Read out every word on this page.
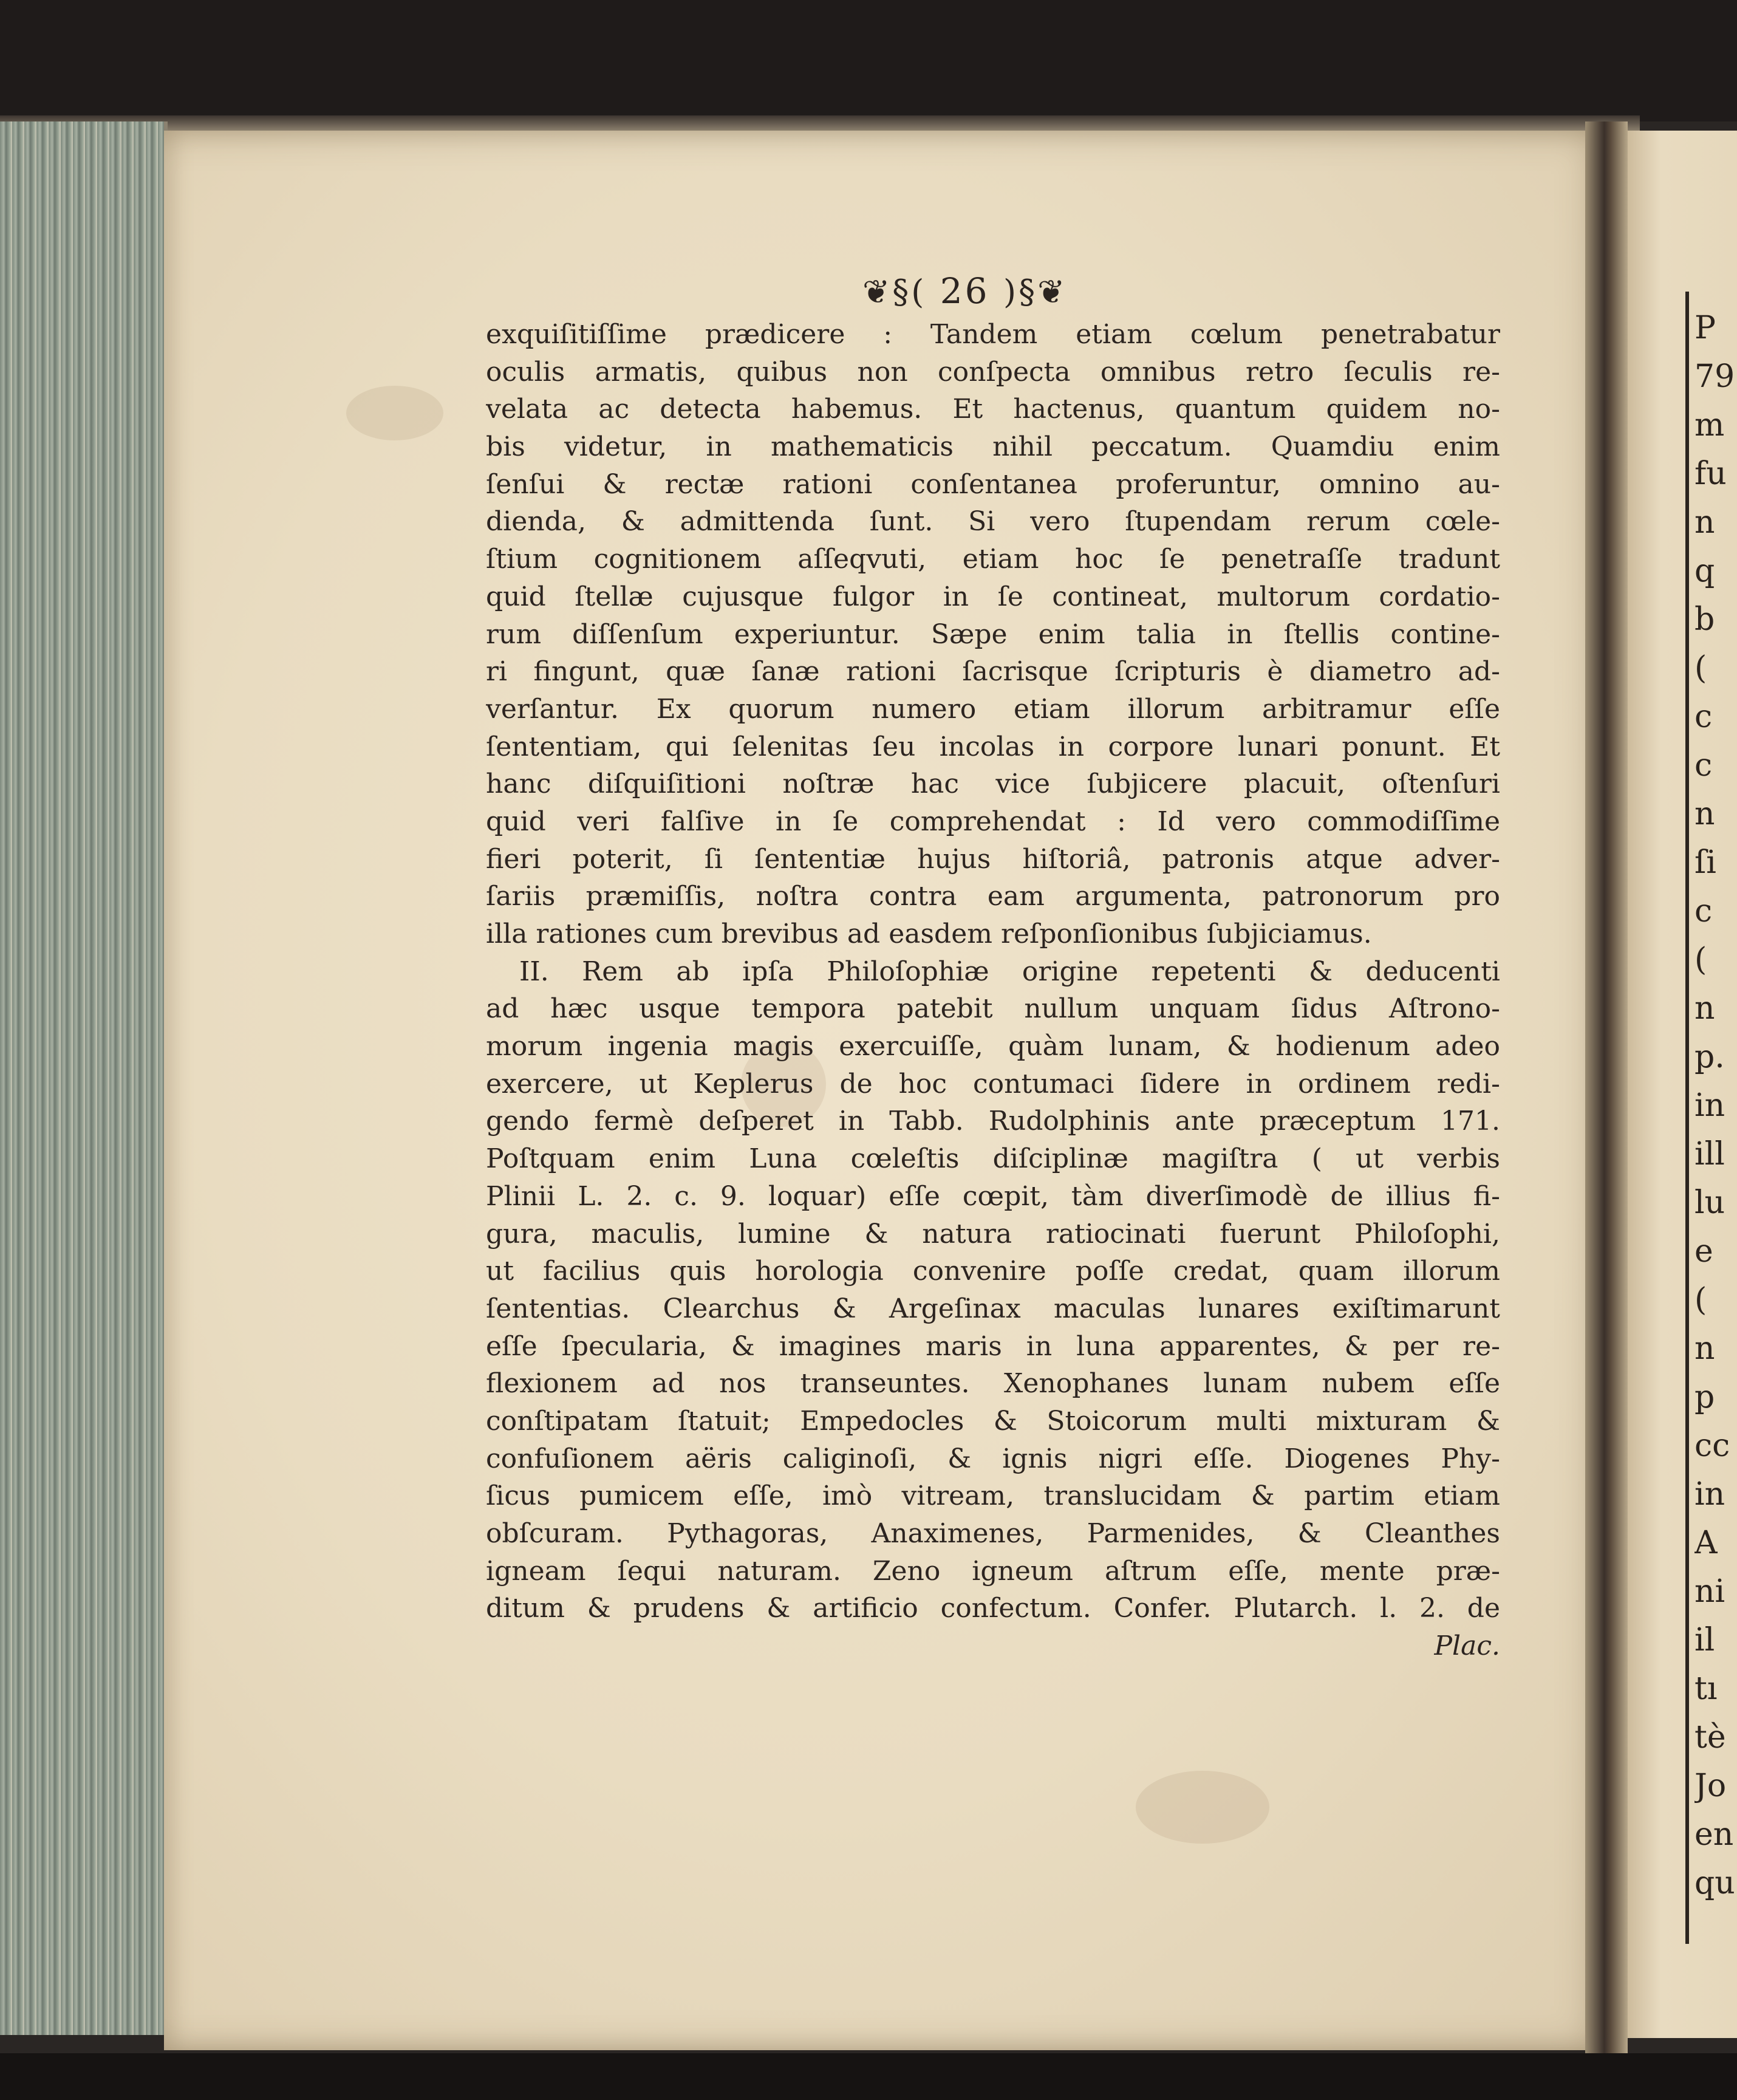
P
79
m
fu
n
q
b
(
c
c
n
ſi
c
(
n
p.
in
ill
lu
e
(
n
p
cc
in
A
ni
il
tı
tè
Jo
en
qu
❦§( 26 )§❦
exquiſitiſſime prædicere : Tandem etiam cœlum penetrabatur
oculis armatis, quibus non conſpecta omnibus retro ſeculis re-
velata ac detecta habemus. Et hactenus, quantum quidem no-
bis videtur, in mathematicis nihil peccatum. Quamdiu enim
ſenſui & rectæ rationi conſentanea proferuntur, omnino au-
dienda, & admittenda ſunt. Si vero ſtupendam rerum cœle-
ſtium cognitionem aſſeqvuti, etiam hoc ſe penetraſſe tradunt
quid ſtellæ cujusque fulgor in ſe contineat, multorum cordatio-
rum diſſenſum experiuntur. Sæpe enim talia in ſtellis contine-
ri fingunt, quæ ſanæ rationi ſacrisque ſcripturis è diametro ad-
verſantur. Ex quorum numero etiam illorum arbitramur eſſe
ſententiam, qui ſelenitas ſeu incolas in corpore lunari ponunt. Et
hanc diſquiſitioni noſtræ hac vice ſubjicere placuit, oſtenſuri
quid veri falſive in ſe comprehendat : Id vero commodiſſime
fieri poterit, ſi ſententiæ hujus hiſtoriâ, patronis atque adver-
ſariis præmiſſis, noſtra contra eam argumenta, patronorum pro
illa rationes cum brevibus ad easdem reſponſionibus ſubjiciamus.
II. Rem ab ipſa Philoſophiæ origine repetenti & deducenti
ad hæc usque tempora patebit nullum unquam ſidus Aſtrono-
morum ingenia magis exercuiſſe, quàm lunam, & hodienum adeo
exercere, ut Keplerus de hoc contumaci ſidere in ordinem redi-
gendo fermè deſperet in Tabb. Rudolphinis ante præceptum 171.
Poſtquam enim Luna cœleſtis diſciplinæ magiſtra ( ut verbis
Plinii L. 2. c. 9. loquar) eſſe cœpit, tàm diverſimodè de illius fi-
gura, maculis, lumine & natura ratiocinati fuerunt Philoſophi,
ut facilius quis horologia convenire poſſe credat, quam illorum
ſententias. Clearchus & Argeſinax maculas lunares exiſtimarunt
eſſe ſpecularia, & imagines maris in luna apparentes, & per re-
flexionem ad nos transeuntes. Xenophanes lunam nubem eſſe
conſtipatam ſtatuit; Empedocles & Stoicorum multi mixturam &
confuſionem aëris caliginoſi, & ignis nigri eſſe. Diogenes Phy-
ſicus pumicem eſſe, imò vitream, translucidam & partim etiam
obſcuram. Pythagoras, Anaximenes, Parmenides, & Cleanthes
igneam ſequi naturam. Zeno igneum aſtrum eſſe, mente præ-
ditum & prudens & artificio confectum. Confer. Plutarch. l. 2. de
Plac.
